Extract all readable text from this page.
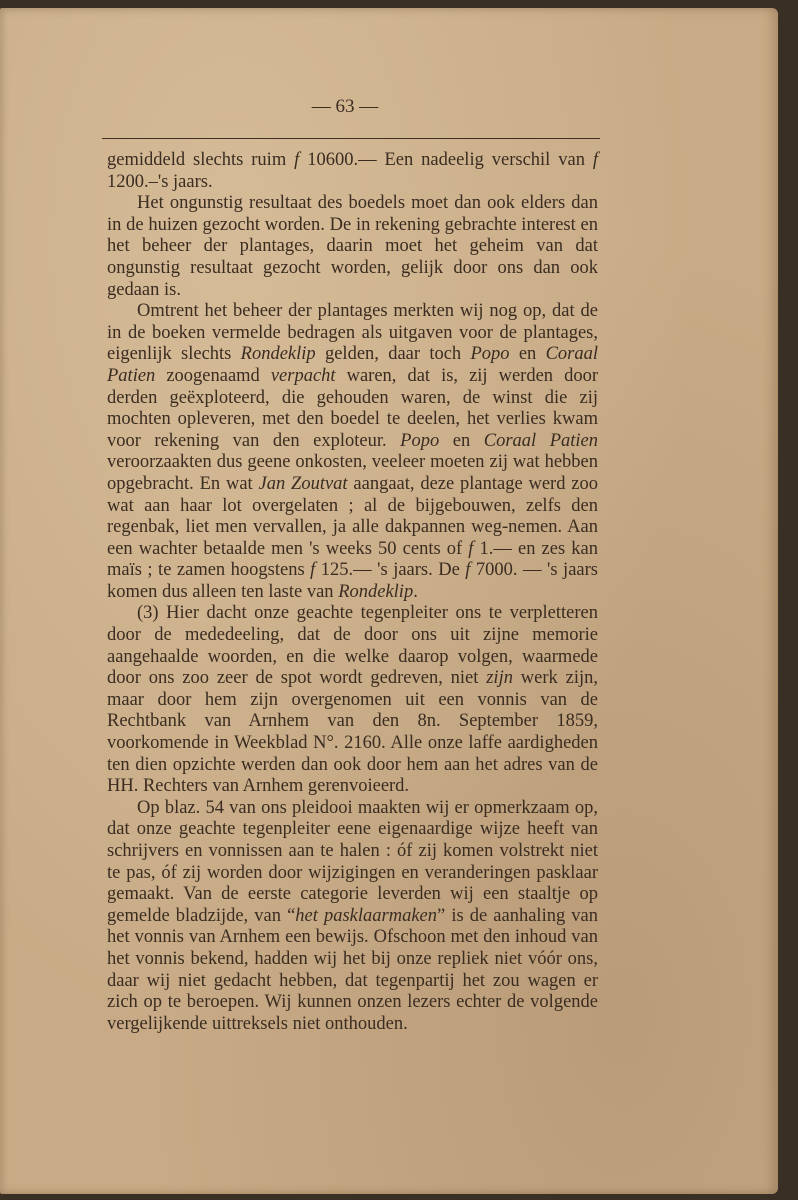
— 63 —

gemiddeld slechts ruim f 10600.— Een nadeelig verschil van f 1200.–'s jaars.

Het ongunstig resultaat des boedels moet dan ook elders dan in de huizen gezocht worden. De in rekening gebrachte interest en het beheer der plantages, daarin moet het geheim van dat ongunstig resultaat gezocht worden, gelijk door ons dan ook gedaan is.

Omtrent het beheer der plantages merkten wij nog op, dat de in de boeken vermelde bedragen als uitgaven voor de plantages, eigenlijk slechts Rondeklip gelden, daar toch Popo en Coraal Patien zoogenaamd verpacht waren, dat is, zij werden door derden geëxploteerd, die gehouden waren, de winst die zij mochten opleveren, met den boedel te deelen, het verlies kwam voor rekening van den exploteur. Popo en Coraal Patien veroorzaakten dus geene onkosten, veeleer moeten zij wat hebben opgebracht. En wat Jan Zoutvat aangaat, deze plantage werd zoo wat aan haar lot overgelaten ; al de bijgebouwen, zelfs den regenbak, liet men vervallen, ja alle dakpannen weg-nemen. Aan een wachter betaalde men 's weeks 50 cents of f 1.— en zes kan maïs ; te zamen hoogstens f 125.— 's jaars. De f 7000. — 's jaars komen dus alleen ten laste van Rondeklip.

(3) Hier dacht onze geachte tegenpleiter ons te verpletteren door de mededeeling, dat de door ons uit zijne memorie aangehaalde woorden, en die welke daarop volgen, waarmede door ons zoo zeer de spot wordt gedreven, niet zijn werk zijn, maar door hem zijn overgenomen uit een vonnis van de Rechtbank van Arnhem van den 8n. September 1859, voorkomende in Weekblad N°. 2160. Alle onze laffe aardigheden ten dien opzichte werden dan ook door hem aan het adres van de HH. Rechters van Arnhem gerenvoieerd.

Op blaz. 54 van ons pleidooi maakten wij er opmerkzaam op, dat onze geachte tegenpleiter eene eigenaardige wijze heeft van schrijvers en vonnissen aan te halen : óf zij komen volstrekt niet te pas, óf zij worden door wijzigingen en veranderingen pasklaar gemaakt. Van de eerste categorie leverden wij een staaltje op gemelde bladzijde, van “het pasklaarmaken” is de aanhaling van het vonnis van Arnhem een bewijs. Ofschoon met den inhoud van het vonnis bekend, hadden wij het bij onze repliek niet vóór ons, daar wij niet gedacht hebben, dat tegenpartij het zou wagen er zich op te beroepen. Wij kunnen onzen lezers echter de volgende vergelijkende uittreksels niet onthouden.
